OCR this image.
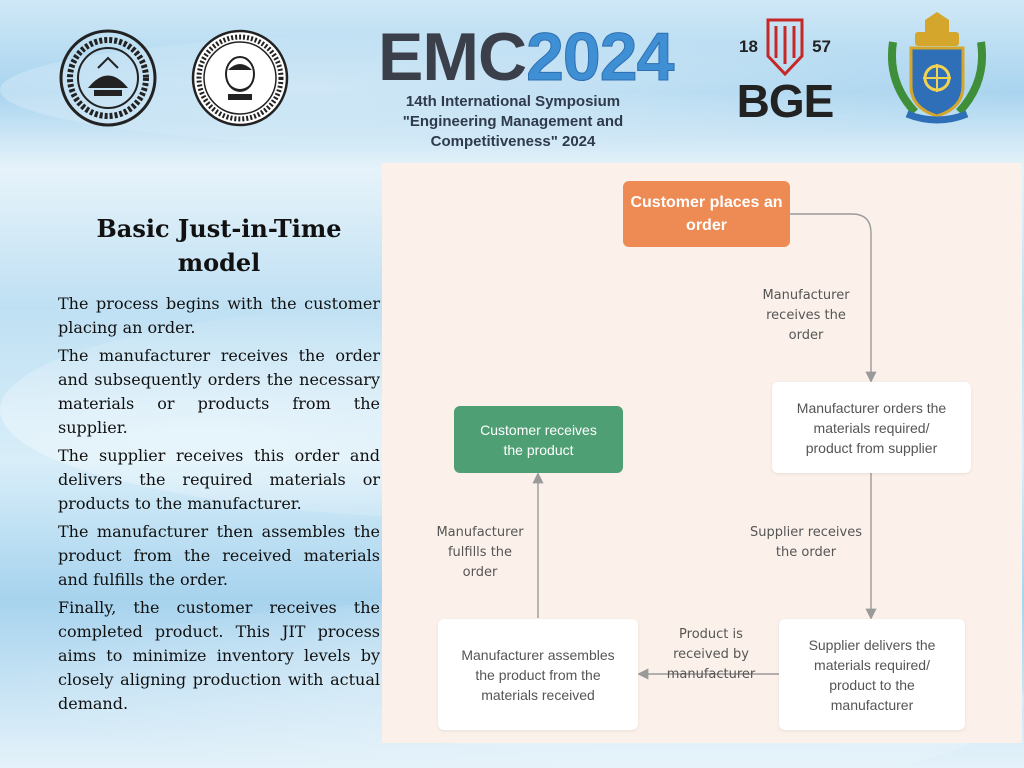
EMC2024
14th International Symposium
"Engineering Management and
Competitiveness" 2024
18	57
BGE
Basic Just-in-Time
model

The process begins with the customer placing an order.

The manufacturer receives the order and subsequently orders the necessary materials or products from the supplier.

The supplier receives this order and delivers the required materials or products to the manufacturer.

The manufacturer then assembles the product from the received materials and fulfills the order.

Finally, the customer receives the completed product. This JIT process aims to minimize inventory levels by closely aligning production with actual demand.

Customer places an order
Manufacturer orders the materials required/ product from supplier
Supplier delivers the materials required/ product to the manufacturer
Manufacturer assembles the product from the materials received
Customer receives the product
Manufacturer receives the order
Supplier receives the order
Product is received by manufacturer
Manufacturer fulfills the order
